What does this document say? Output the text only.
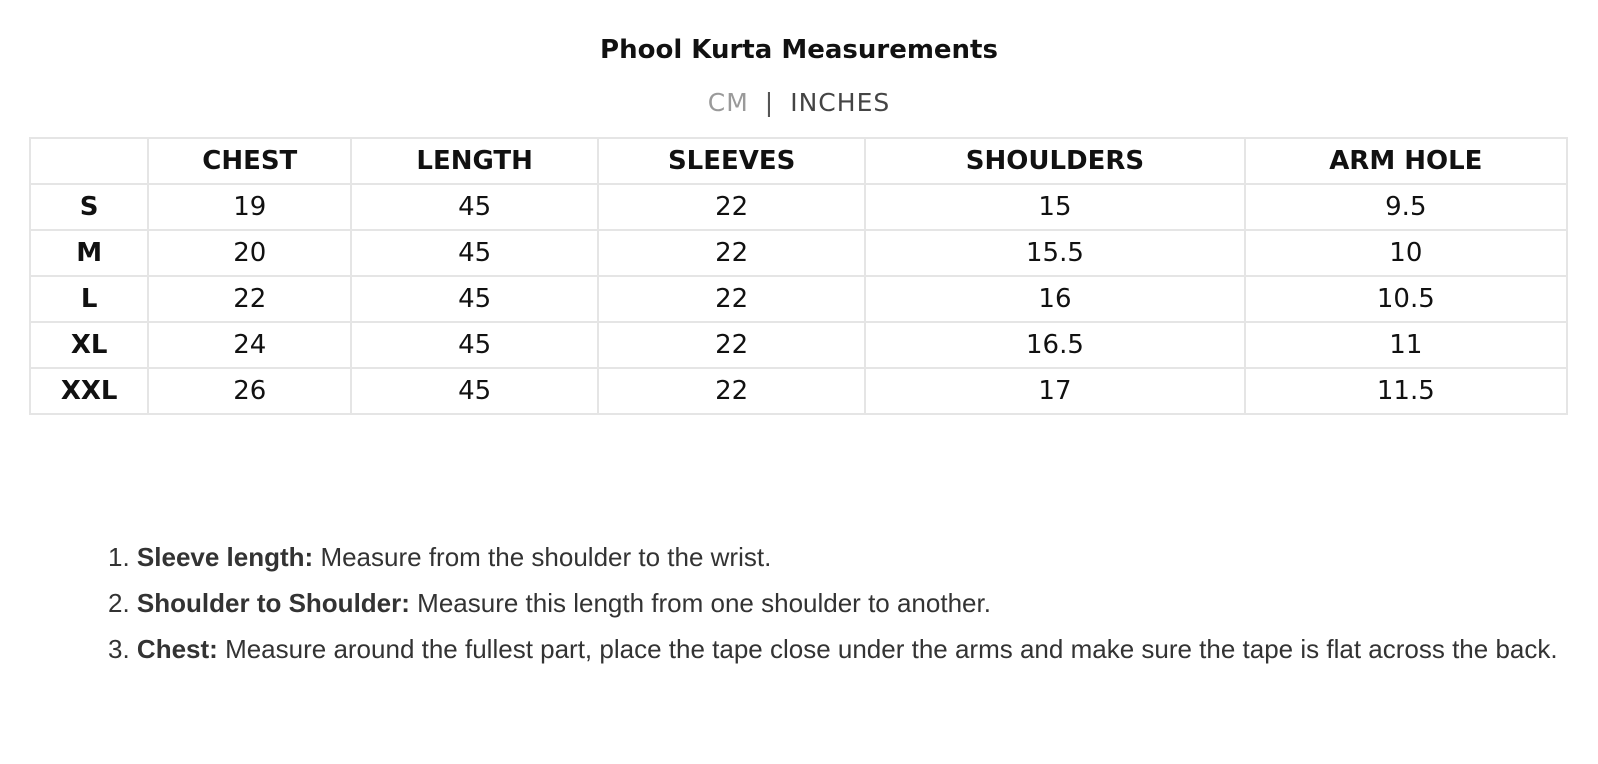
Phool Kurta Measurements
CM | INCHES
	CHEST	LENGTH	SLEEVES	SHOULDERS	ARM HOLE
S	19	45	22	15	9.5
M	20	45	22	15.5	10
L	22	45	22	16	10.5
XL	24	45	22	16.5	11
XXL	26	45	22	17	11.5
1. Sleeve length: Measure from the shoulder to the wrist.
2. Shoulder to Shoulder: Measure this length from one shoulder to another.
3. Chest: Measure around the fullest part, place the tape close under the arms and make sure the tape is flat across the back.
